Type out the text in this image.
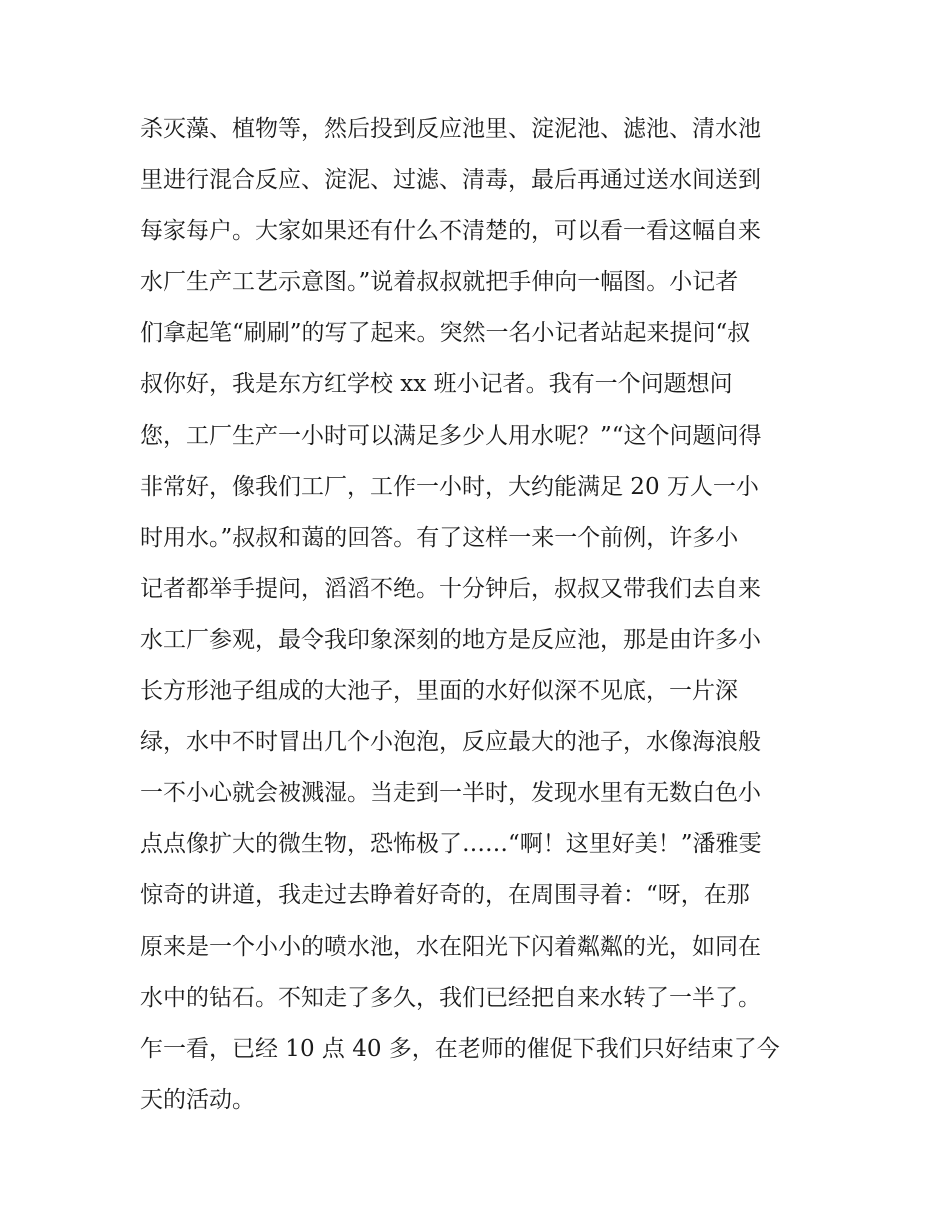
杀灭藻、植物等，然后投到反应池里、淀泥池、滤池、清水池
里进行混合反应、淀泥、过滤、清毒，最后再通过送水间送到
每家每户。大家如果还有什么不清楚的，可以看一看这幅自来
水厂生产工艺示意图。”说着叔叔就把手伸向一幅图。小记者
们拿起笔“刷刷”的写了起来。突然一名小记者站起来提问“叔
叔你好，我是东方红学校 xx 班小记者。我有一个问题想问
您，工厂生产一小时可以满足多少人用水呢？”“这个问题问得
非常好，像我们工厂，工作一小时，大约能满足 20 万人一小
时用水。”叔叔和蔼的回答。有了这样一来一个前例，许多小
记者都举手提问，滔滔不绝。十分钟后，叔叔又带我们去自来
水工厂参观，最令我印象深刻的地方是反应池，那是由许多小
长方形池子组成的大池子，里面的水好似深不见底，一片深
绿，水中不时冒出几个小泡泡，反应最大的池子，水像海浪般
一不小心就会被溅湿。当走到一半时，发现水里有无数白色小
点点像扩大的微生物，恐怖极了……“啊！这里好美！”潘雅雯
惊奇的讲道，我走过去睁着好奇的，在周围寻着：“呀，在那
原来是一个小小的喷水池，水在阳光下闪着粼粼的光，如同在
水中的钻石。不知走了多久，我们已经把自来水转了一半了。
乍一看，已经 10 点 40 多，在老师的催促下我们只好结束了今
天的活动。
